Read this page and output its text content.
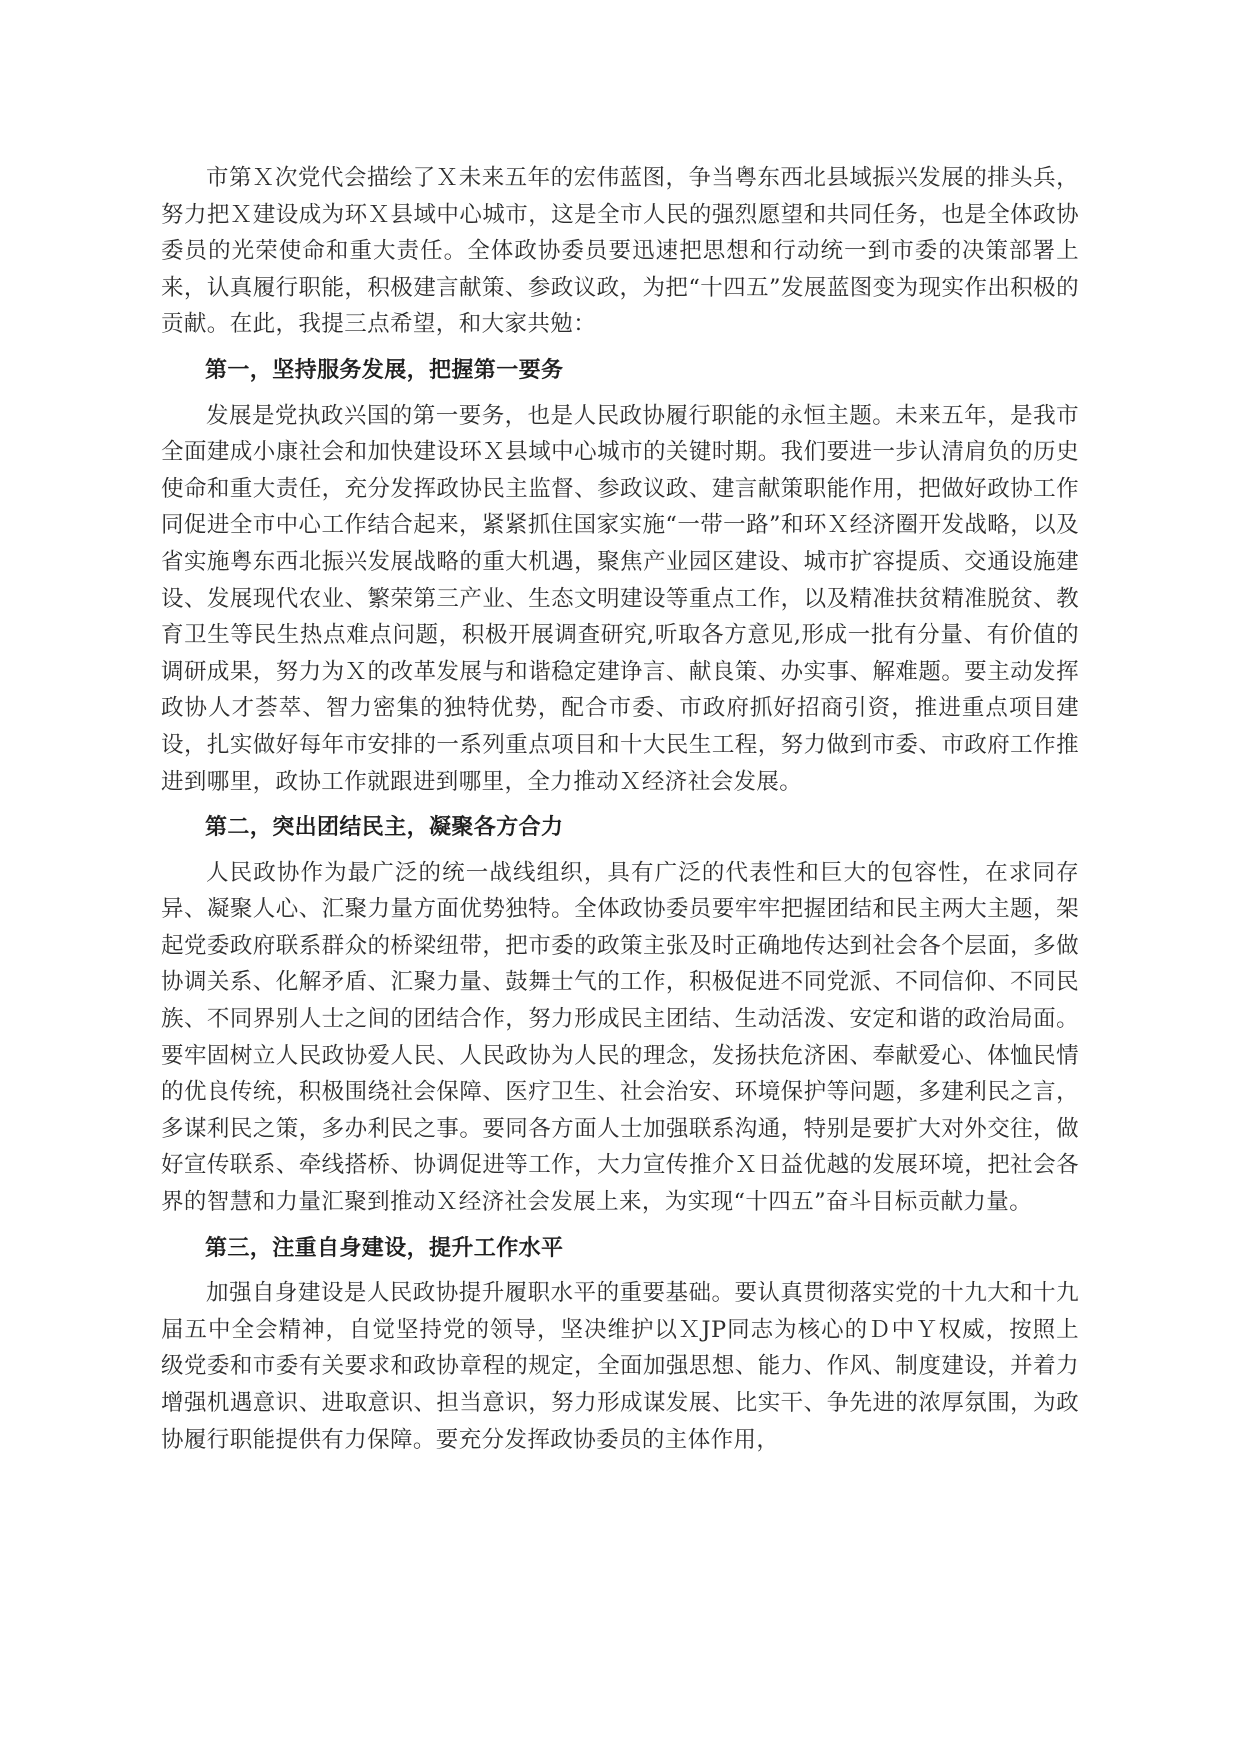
市第Ｘ次党代会描绘了Ｘ未来五年的宏伟蓝图，争当粤东西北县域振兴发展的排头兵，努力把Ｘ建设成为环Ｘ县域中心城市，这是全市人民的强烈愿望和共同任务，也是全体政协委员的光荣使命和重大责任。全体政协委员要迅速把思想和行动统一到市委的决策部署上来，认真履行职能，积极建言献策、参政议政，为把“十四五”发展蓝图变为现实作出积极的贡献。在此，我提三点希望，和大家共勉：

第一，坚持服务发展，把握第一要务

发展是党执政兴国的第一要务，也是人民政协履行职能的永恒主题。未来五年，是我市全面建成小康社会和加快建设环Ｘ县域中心城市的关键时期。我们要进一步认清肩负的历史使命和重大责任，充分发挥政协民主监督、参政议政、建言献策职能作用，把做好政协工作同促进全市中心工作结合起来，紧紧抓住国家实施“一带一路”和环Ｘ经济圈开发战略，以及省实施粤东西北振兴发展战略的重大机遇，聚焦产业园区建设、城市扩容提质、交通设施建设、发展现代农业、繁荣第三产业、生态文明建设等重点工作，以及精准扶贫精准脱贫、教育卫生等民生热点难点问题，积极开展调查研究,听取各方意见,形成一批有分量、有价值的调研成果，努力为Ｘ的改革发展与和谐稳定建诤言、献良策、办实事、解难题。要主动发挥政协人才荟萃、智力密集的独特优势，配合市委、市政府抓好招商引资，推进重点项目建设，扎实做好每年市安排的一系列重点项目和十大民生工程，努力做到市委、市政府工作推进到哪里，政协工作就跟进到哪里，全力推动Ｘ经济社会发展。

第二，突出团结民主，凝聚各方合力

人民政协作为最广泛的统一战线组织，具有广泛的代表性和巨大的包容性，在求同存异、凝聚人心、汇聚力量方面优势独特。全体政协委员要牢牢把握团结和民主两大主题，架起党委政府联系群众的桥梁纽带，把市委的政策主张及时正确地传达到社会各个层面，多做协调关系、化解矛盾、汇聚力量、鼓舞士气的工作，积极促进不同党派、不同信仰、不同民族、不同界别人士之间的团结合作，努力形成民主团结、生动活泼、安定和谐的政治局面。要牢固树立人民政协爱人民、人民政协为人民的理念，发扬扶危济困、奉献爱心、体恤民情的优良传统，积极围绕社会保障、医疗卫生、社会治安、环境保护等问题，多建利民之言，多谋利民之策，多办利民之事。要同各方面人士加强联系沟通，特别是要扩大对外交往，做好宣传联系、牵线搭桥、协调促进等工作，大力宣传推介Ｘ日益优越的发展环境，把社会各界的智慧和力量汇聚到推动Ｘ经济社会发展上来，为实现“十四五”奋斗目标贡献力量。

第三，注重自身建设，提升工作水平

加强自身建设是人民政协提升履职水平的重要基础。要认真贯彻落实党的十九大和十九届五中全会精神，自觉坚持党的领导，坚决维护以ＸJP同志为核心的Ｄ中Ｙ权威，按照上级党委和市委有关要求和政协章程的规定，全面加强思想、能力、作风、制度建设，并着力增强机遇意识、进取意识、担当意识，努力形成谋发展、比实干、争先进的浓厚氛围，为政协履行职能提供有力保障。要充分发挥政协委员的主体作用，
